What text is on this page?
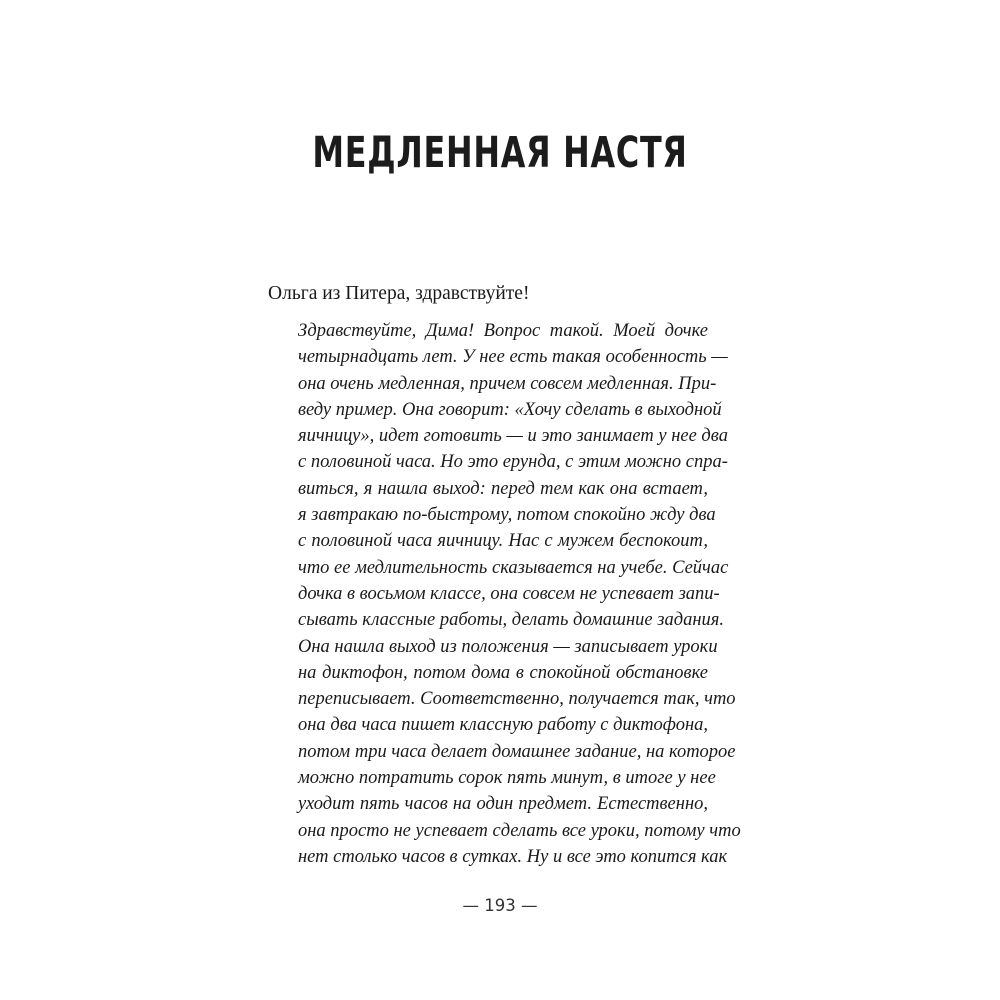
МЕДЛЕННАЯ НАСТЯ

Ольга из Питера, здравствуйте!

Здравствуйте, Дима! Вопрос такой. Моей дочке
четырнадцать лет. У нее есть такая особенность —
она очень медленная, причем совсем медленная. При-
веду пример. Она говорит: «Хочу сделать в выходной
яичницу», идет готовить — и это занимает у нее два
с половиной часа. Но это ерунда, с этим можно спра-
виться, я нашла выход: перед тем как она встает,
я завтракаю по-быстрому, потом спокойно жду два
с половиной часа яичницу. Нас с мужем беспокоит,
что ее медлительность сказывается на учебе. Сейчас
дочка в восьмом классе, она совсем не успевает запи-
сывать классные работы, делать домашние задания.
Она нашла выход из положения — записывает уроки
на диктофон, потом дома в спокойной обстановке
переписывает. Соответственно, получается так, что
она два часа пишет классную работу с диктофона,
потом три часа делает домашнее задание, на которое
можно потратить сорок пять минут, в итоге у нее
уходит пять часов на один предмет. Естественно,
она просто не успевает сделать все уроки, потому что
нет столько часов в сутках. Ну и все это копится как
— 193 —
